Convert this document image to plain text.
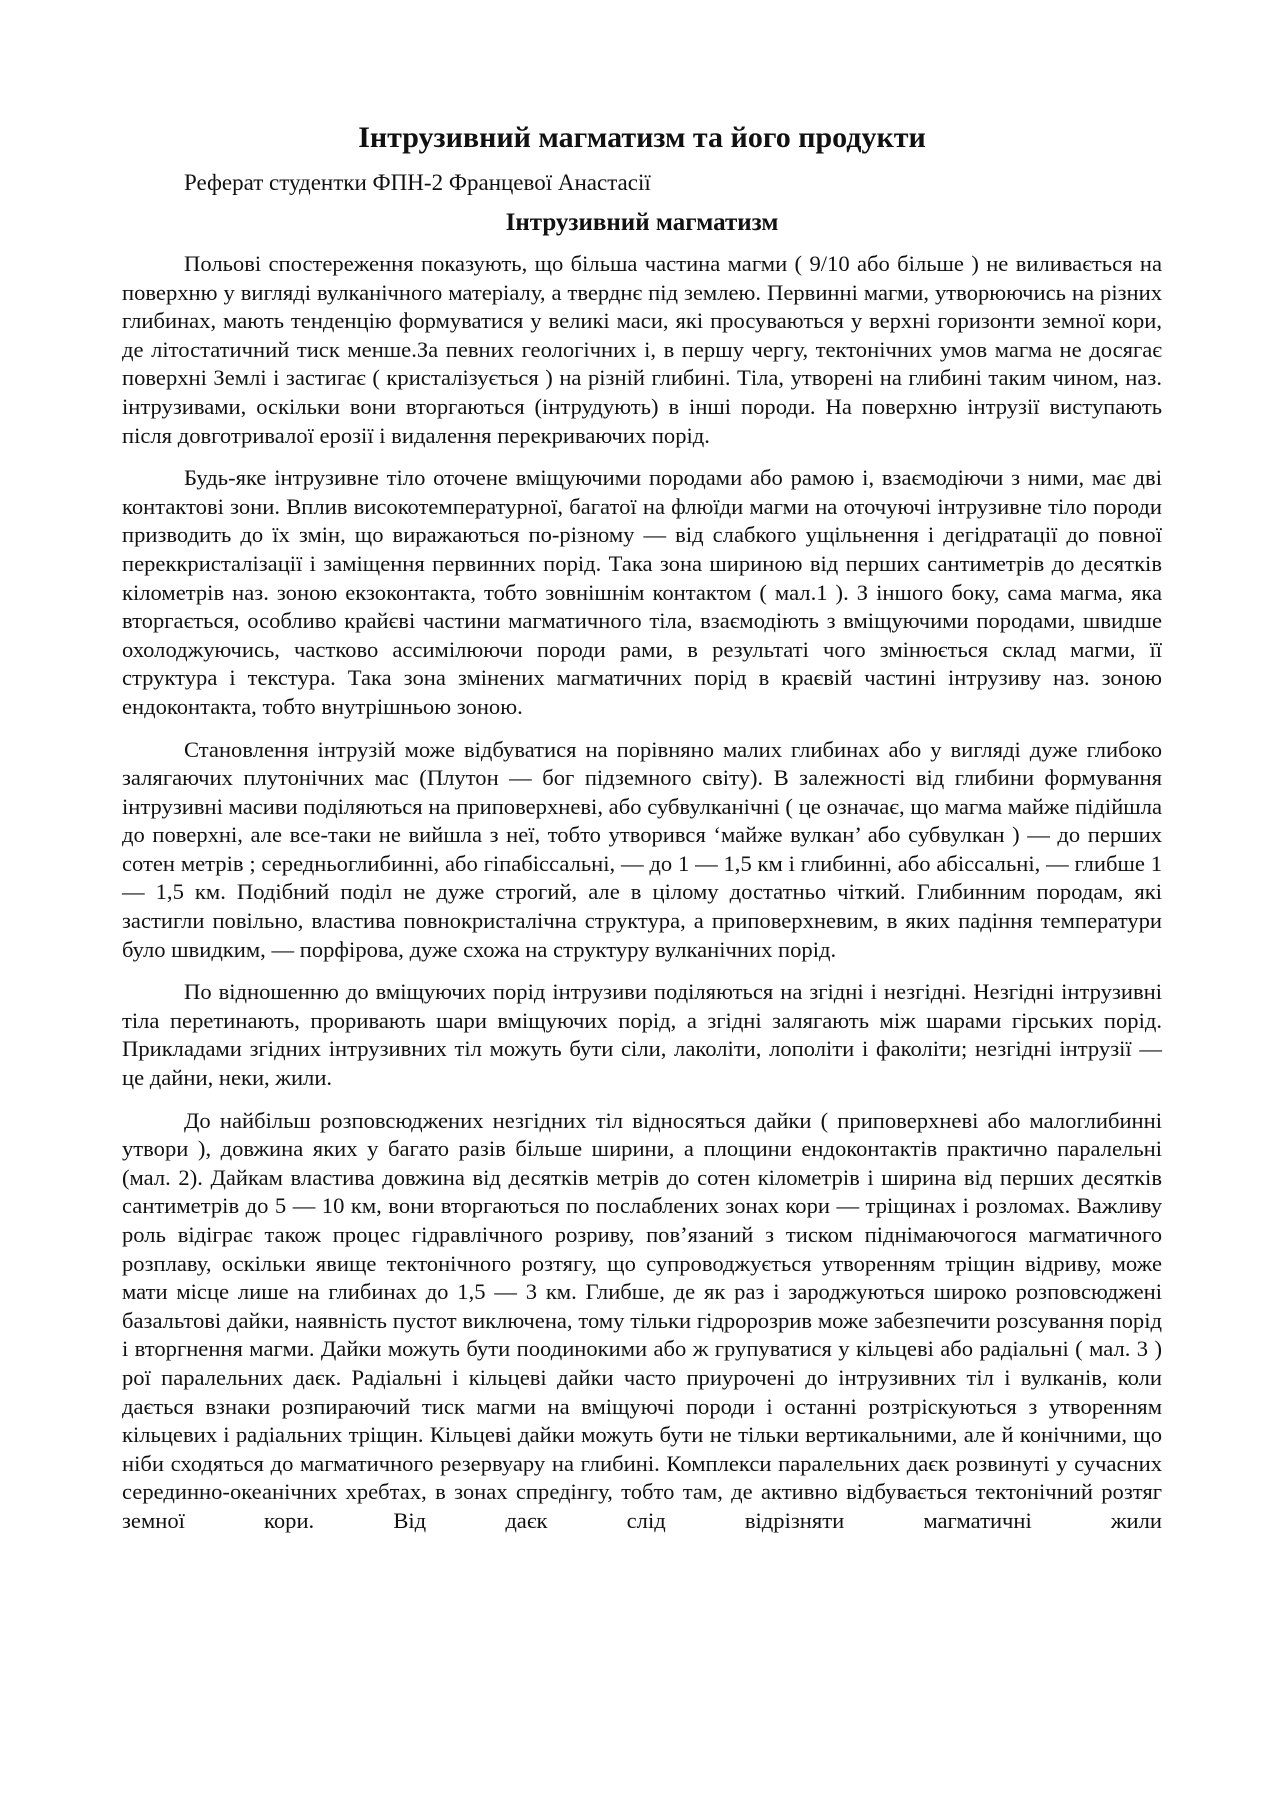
Інтрузивний магматизм та його продукти
Реферат студентки ФПН-2 Францевої Анастасії
Інтрузивний магматизм

Польові спостереження показують, що більша частина магми ( 9/10 або більше ) не виливається на поверхню у вигляді вулканічного матеріалу, а тверднє під землею. Первинні магми, утворюючись на різних глибинах, мають тенденцію формуватися у великі маси, які просуваються у верхні горизонти земної кори, де літостатичний тиск менше.За певних геологічних і, в першу чергу, тектонічних умов магма не досягає поверхні Землі і застигає ( кристалізується ) на різній глибині. Тіла, утворені на глибині таким чином, наз. інтрузивами, оскільки вони вторгаються (інтрудують) в інші породи. На поверхню інтрузії виступають після довготривалої ерозії і видалення перекриваючих порід.

Будь-яке інтрузивне тіло оточене вміщуючими породами або рамою і, взаємодіючи з ними, має дві контактові зони. Вплив високотемпературної, багатої на флюїди магми на оточуючі інтрузивне тіло породи призводить до їх змін, що виражаються по-різному — від слабкого ущільнення і дегідратації до повної переккристалізації і заміщення первинних порід. Така зона шириною від перших сантиметрів до десятків кілометрів наз. зоною екзоконтакта, тобто зовнішнім контактом ( мал.1 ). З іншого боку, сама магма, яка вторгається, особливо крайєві частини магматичного тіла, взаємодіють з вміщуючими породами, швидше охолоджуючись, частково ассимілюючи породи рами, в результаті чого змінюється склад магми, її структура і текстура. Така зона змінених магматичних порід в краєвій частині інтрузиву наз. зоною ендоконтакта, тобто внутрішньою зоною.

Становлення інтрузій може відбуватися на порівняно малих глибинах або у вигляді дуже глибоко залягаючих плутонічних мас (Плутон — бог підземного світу). В залежності від глибини формування інтрузивні масиви поділяються на приповерхневі, або субвулканічні ( це означає, що магма майже підійшла до поверхні, але все-таки не вийшла з неї, тобто утворився ‘майже вулкан’ або субвулкан ) — до перших сотен метрів ; середньоглибинні, або гіпабіссальні, — до 1 — 1,5 км і глибинні, або абіссальні, — глибше 1 — 1,5 км. Подібний поділ не дуже строгий, але в цілому достатньо чіткий. Глибинним породам, які застигли повільно, властива повнокристалічна структура, а приповерхневим, в яких падіння температури було швидким, — порфірова, дуже схожа на структуру вулканічних порід.

По відношенню до вміщуючих порід інтрузиви поділяються на згідні і незгідні. Незгідні інтрузивні тіла перетинають, проривають шари вміщуючих порід, а згідні залягають між шарами гірських порід. Прикладами згідних інтрузивних тіл можуть бути сіли, лаколіти, лополіти і факоліти; незгідні інтрузії — це дайни, неки, жили.

До найбільш розповсюджених незгідних тіл відносяться дайки ( приповерхневі або малоглибинні утвори ), довжина яких у багато разів більше ширини, а площини ендоконтактів практично паралельні (мал. 2). Дайкам властива довжина від десятків метрів до сотен кілометрів і ширина від перших десятків сантиметрів до 5 — 10 км, вони вторгаються по послаблених зонах кори — тріщинах і розломах. Важливу роль відіграє також процес гідравлічного розриву, пов’язаний з тиском піднімаючогося магматичного розплаву, оскільки явище тектонічного розтягу, що супроводжується утворенням тріщин відриву, може мати місце лише на глибинах до 1,5 — 3 км. Глибше, де як раз і зароджуються широко розповсюджені базальтові дайки, наявність пустот виключена, тому тільки гідророзрив може забезпечити розсування порід і вторгнення магми. Дайки можуть бути поодинокими або ж групуватися у кільцеві або радіальні ( мал. 3 ) рої паралельних даєк. Радіальні і кільцеві дайки часто приурочені до інтрузивних тіл і вулканів, коли дається взнаки розпираючий тиск магми на вміщуючі породи і останні розтріскуються з утворенням кільцевих і радіальних тріщин. Кільцеві дайки можуть бути не тільки вертикальними, але й конічними, що ніби сходяться до магматичного резервуару на глибині. Комплекси паралельних даєк розвинуті у сучасних серединно-океанічних хребтах, в зонах спредінгу, тобто там, де активно відбувається тектонічний розтяг земної кори. Від даєк слід відрізняти магматичні жили
